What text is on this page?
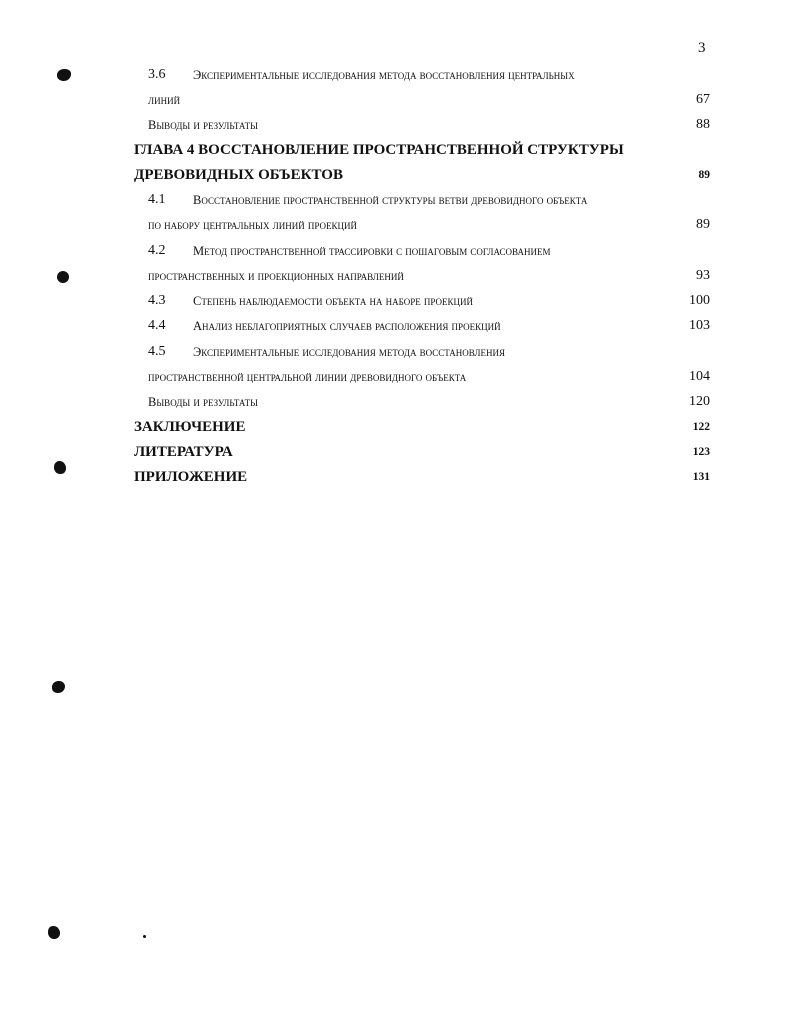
3
3.6 Экспериментальные исследования метода восстановления центральных
линий	67
Выводы и результаты	88
ГЛАВА 4 ВОССТАНОВЛЕНИЕ ПРОСТРАНСТВЕННОЙ СТРУКТУРЫ
ДРЕВОВИДНЫХ ОБЪЕКТОВ	89
4.1 Восстановление пространственной структуры ветви древовидного объекта
по набору центральных линий проекций	89
4.2 Метод пространственной трассировки с пошаговым согласованием
пространственных и проекционных направлений	93
4.3 Степень наблюдаемости объекта на наборе проекций	100
4.4 Анализ неблагоприятных случаев расположения проекций	103
4.5 Экспериментальные исследования метода восстановления
пространственной центральной линии древовидного объекта	104
Выводы и результаты	120
ЗАКЛЮЧЕНИЕ	122
ЛИТЕРАТУРА	123
ПРИЛОЖЕНИЕ	131
